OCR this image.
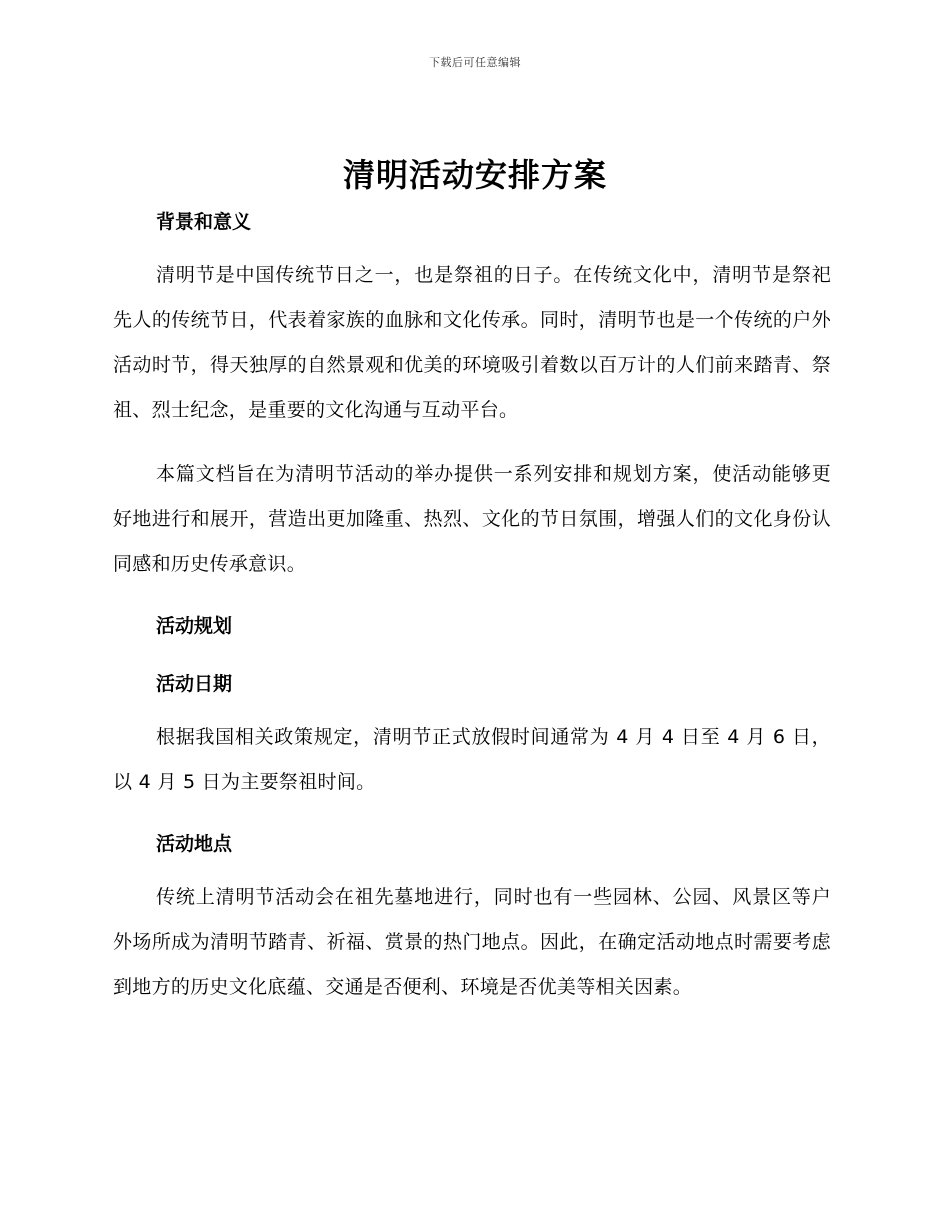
下载后可任意编辑
清明活动安排方案
背景和意义

清明节是中国传统节日之一，也是祭祖的日子。在传统文化中，清明节是祭祀先人的传统节日，代表着家族的血脉和文化传承。同时，清明节也是一个传统的户外活动时节，得天独厚的自然景观和优美的环境吸引着数以百万计的人们前来踏青、祭祖、烈士纪念，是重要的文化沟通与互动平台。

本篇文档旨在为清明节活动的举办提供一系列安排和规划方案，使活动能够更好地进行和展开，营造出更加隆重、热烈、文化的节日氛围，增强人们的文化身份认同感和历史传承意识。

活动规划
活动日期

根据我国相关政策规定，清明节正式放假时间通常为 4 月 4 日至 4 月 6 日，以 4 月 5 日为主要祭祖时间。

活动地点

传统上清明节活动会在祖先墓地进行，同时也有一些园林、公园、风景区等户外场所成为清明节踏青、祈福、赏景的热门地点。因此，在确定活动地点时需要考虑到地方的历史文化底蕴、交通是否便利、环境是否优美等相关因素。
